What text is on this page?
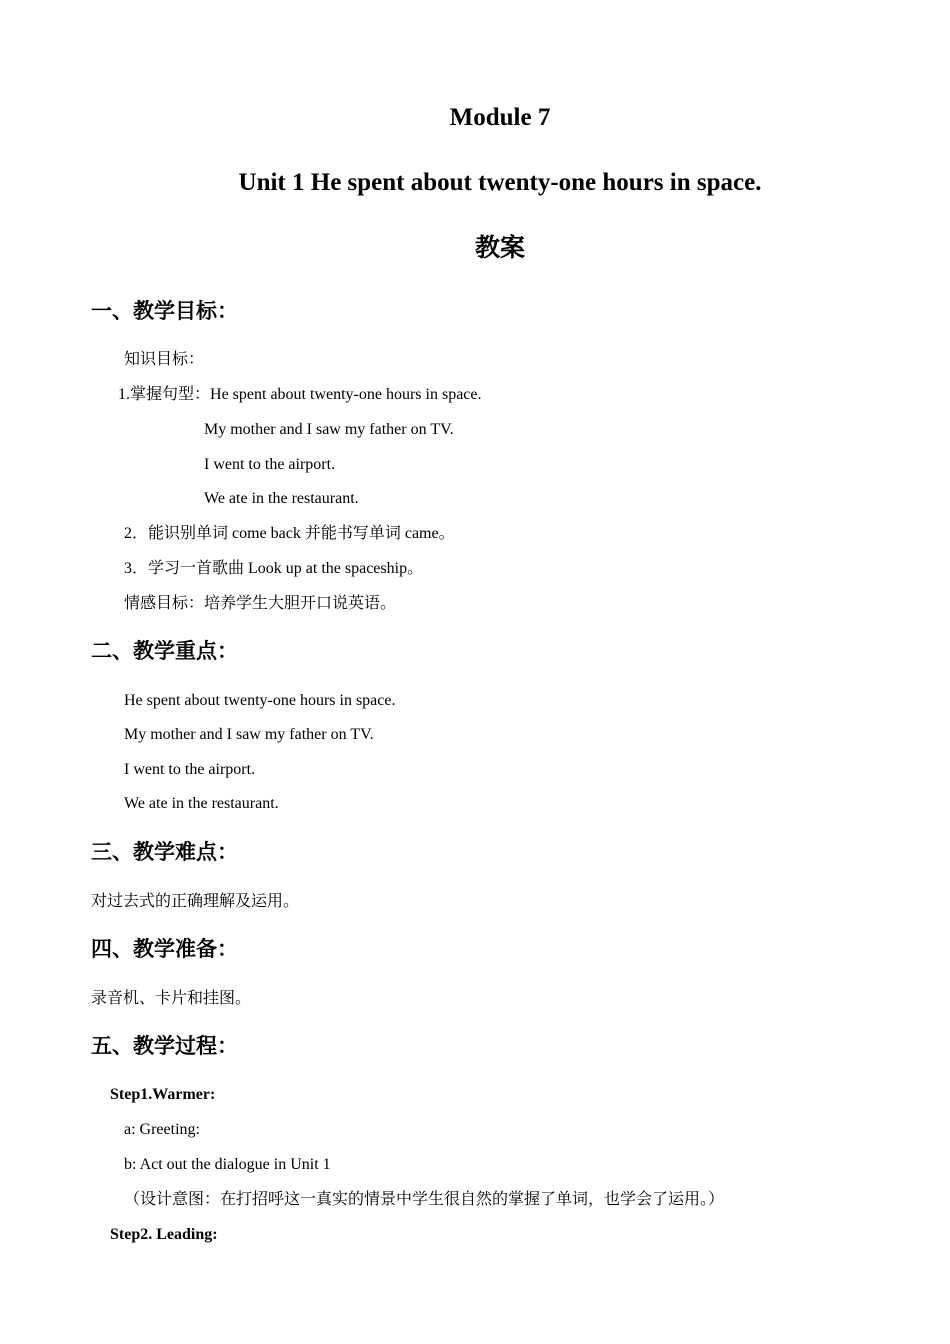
Module 7
Unit 1 He spent about twenty-one hours in space.
教案
一、教学目标：
知识目标：
1.掌握句型：He spent about twenty-one hours in space.
My mother and I saw my father on TV.
I went to the airport.
We ate in the restaurant.
2．能识别单词 come back 并能书写单词 came。
3．学习一首歌曲 Look up at the spaceship。
情感目标：培养学生大胆开口说英语。
二、教学重点：
He spent about twenty-one hours in space.
My mother and I saw my father on TV.
I went to the airport.
We ate in the restaurant.
三、教学难点：
对过去式的正确理解及运用。
四、教学准备：
录音机、卡片和挂图。
五、教学过程：
Step1.Warmer:
a: Greeting:
b: Act out the dialogue in Unit 1
（设计意图：在打招呼这一真实的情景中学生很自然的掌握了单词，也学会了运用。）
Step2. Leading:
